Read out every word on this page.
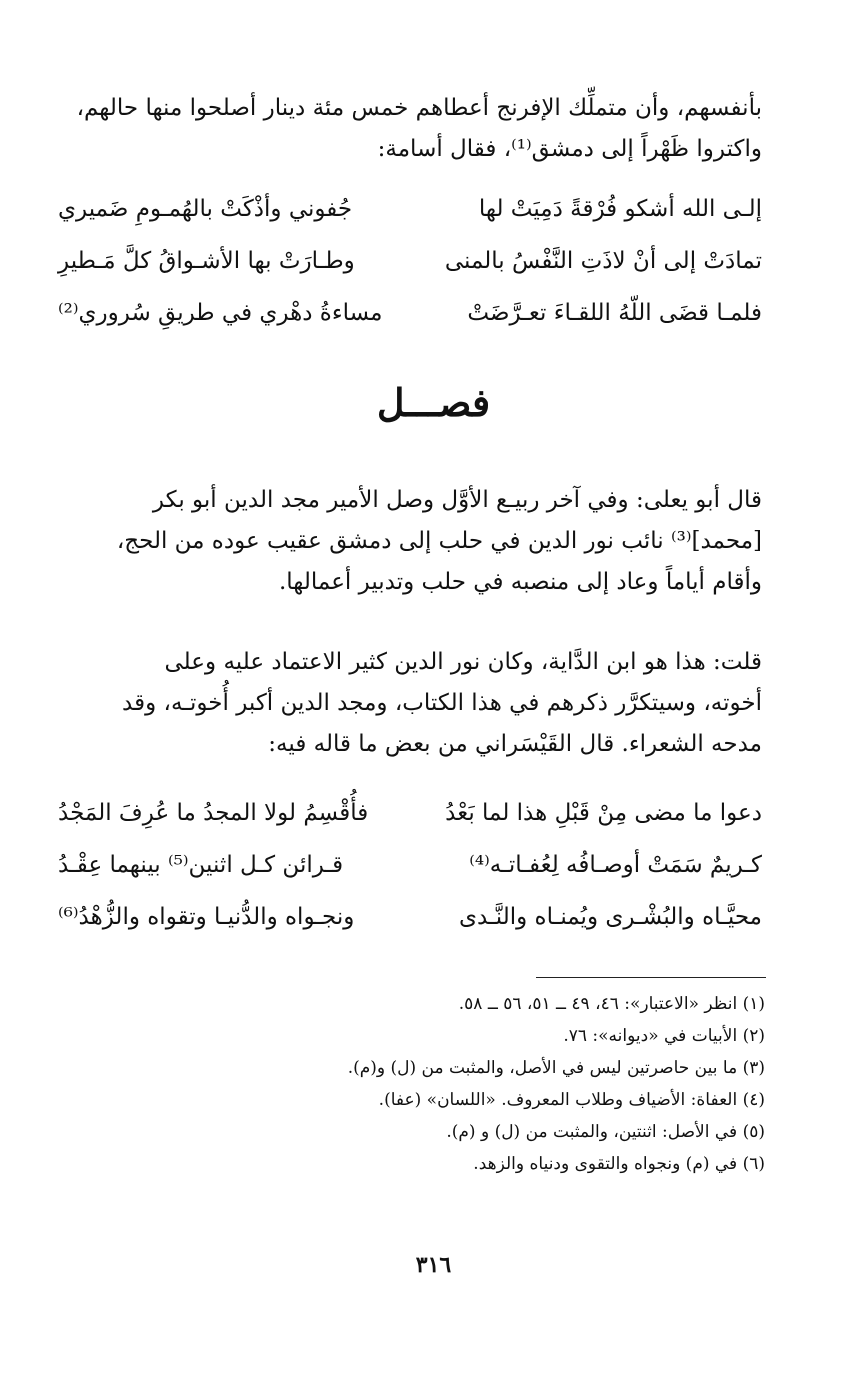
بأنفسهم، وأن متملِّك الإفرنج أعطاهم خمس مئة دينار أصلحوا منها حالهم،

واكتروا ظَهْراً إلى دمشق⁽¹⁾، فقال أسامة:

إلـى الله أشكو فُرْقةً دَمِيَتْ لها
جُفوني وأذْكَتْ بالهُمـومِ ضَميري
تمادَتْ إلى أنْ لاذَتِ النَّفْسُ بالمنى
وطـارَتْ بها الأشـواقُ كلَّ مَـطيرِ
فلمـا قضَى اللّهُ اللقـاءَ تعـرَّضَتْ
مساءةُ دهْري في طريقِ سُروري⁽²⁾
فصـــل

قال أبو يعلى: وفي آخر ربيـع الأوَّل وصل الأمير مجد الدين أبو بكر

[محمد]⁽³⁾ نائب نور الدين في حلب إلى دمشق عقيب عوده من الحج،

وأقام أياماً وعاد إلى منصبه في حلب وتدبير أعمالها.

قلت: هذا هو ابن الدَّاية، وكان نور الدين كثير الاعتماد عليه وعلى

أخوته، وسيتكرَّر ذكرهم في هذا الكتاب، ومجد الدين أكبر أُخوتـه، وقد

مدحه الشعراء. قال القَيْسَراني من بعض ما قاله فيه:

دعوا ما مضى مِنْ قَبْلِ هذا لما بَعْدُ
فأُقْسِمُ لولا المجدُ ما عُرِفَ المَجْدُ
كـريمٌ سَمَتْ أوصـافُه لِعُفـاتـه⁽⁴⁾
قـرائن كـل اثنين⁽⁵⁾ بينهما عِقْـدُ
محيَّـاه والبُشْـرى ويُمنـاه والنَّـدى
ونجـواه والدُّنيـا وتقواه والزُّهْدُ⁽⁶⁾
(١) انظر «الاعتبار»: ٤٦، ٤٩ ــ ٥١، ٥٦ ــ ٥٨.
(٢) الأبيات في «ديوانه»: ٧٦.
(٣) ما بين حاصرتين ليس في الأصل، والمثبت من (ل) و(م).
(٤) العفاة: الأضياف وطلاب المعروف. «اللسان» (عفا).
(٥) في الأصل: اثنتين، والمثبت من (ل) و (م).
(٦) في (م) ونجواه والتقوى ودنياه والزهد.
٣١٦
